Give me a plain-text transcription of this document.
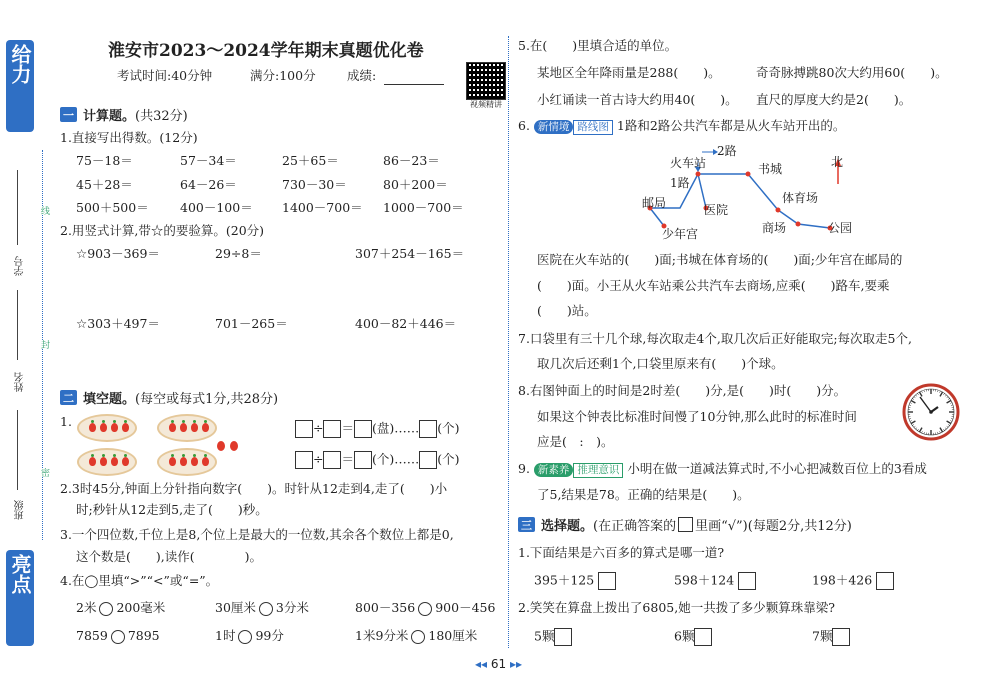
给力
亮点
线
封
密
学号
姓名
班级
淮安市2023～2024学年期末真题优化卷
考试时间:40分钟	满分:100分	成绩:
视频精讲
一 计算题。 (共32分)
1.直接写出得数。(12分)
75－18＝	57－34＝	25＋65＝	86－23＝
45＋28＝	64－26＝	730－30＝	80＋200＝
500＋500＝	400－100＝ 1400－700＝ 1000－700＝
2.用竖式计算,带☆的要验算。(20分)
☆903－369＝	29÷8＝	307＋254－165＝
☆303＋497＝	701－265＝	400－82＋446＝
二 填空题。 (每空或每式1分,共28分)
1.
	÷ ＝ (盘)…… (个)
÷ ＝ (个)…… (个)
2.3时45分,钟面上分针指向数字(　　)。时针从12走到4,走了(　　)小
时;秒针从12走到5,走了(　　)秒。
3.一个四位数,千位上是8,个位上是最大的一位数,其余各个数位上都是0,
这个数是(　　),读作(　　　　)。
4.在◯里填“>”“<”或“=”。
2米 200毫米	30厘米 3分米	800－356 900－456
7859 7895	1时 99分	1米9分米 180厘米
5.在(　　)里填合适的单位。
某地区全年降雨量是288(　　)。	奇奇脉搏跳80次大约用60(　　)。
小红诵读一首古诗大约用40(　　)。 直尺的厚度大约是2(　　)。
6. 新情境 路线图 1路和2路公共汽车都是从火车站开出的。
火车站
2路
1路
书城	北
体育场
邮局	医院
商场	公园
少年宫
医院在火车站的(　　)面;书城在体育场的(　　)面;少年宫在邮局的
(　　)面。小王从火车站乘公共汽车去商场,应乘(　　)路车,要乘
(　　)站。
7.口袋里有三十几个球,每次取走4个,取几次后正好能取完;每次取走5个,
取几次后还剩1个,口袋里原来有(　　)个球。
8.右图钟面上的时间是2时差(　　)分,是(　　)时(　　)分。
如果这个钟表比标准时间慢了10分钟,那么此时的标准时间
应是(　:　)。
9. 新素养 推理意识 小明在做一道减法算式时,不小心把减数百位上的3看成
了5,结果是78。正确的结果是(　　)。
三 选择题。 (在正确答案的 里画“√”)(每题2分,共12分)
1.下面结果是六百多的算式是哪一道?
395＋125	598＋124	198＋426
2.笑笑在算盘上拨出了6805,她一共拨了多少颗算珠靠梁?
5颗	6颗	7颗
◂◂ 61 ▸▸
